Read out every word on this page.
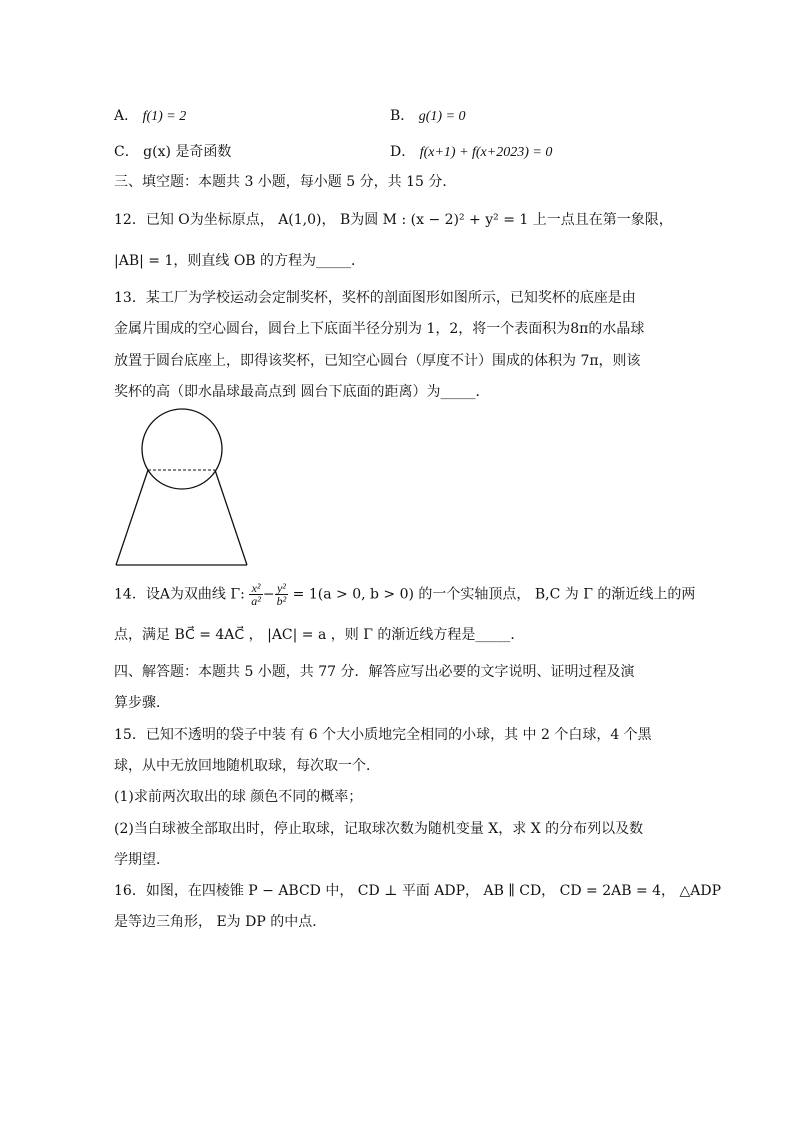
A． f(1) = 2	B． g(1) = 0
C． g(x) 是奇函数	D． f(x+1) + f(x+2023) = 0
三、填空题：本题共 3 小题，每小题 5 分，共 15 分．
12．已知 O为坐标原点， A(1,0)， B为圆 M : (x − 2)² + y² = 1 上一点且在第一象限，
|AB| = 1，则直线 OB 的方程为_____．
13．某工厂为学校运动会定制奖杯，奖杯的剖面图形如图所示，已知奖杯的底座是由
金属片围成的空心圆台，圆台上下底面半径分别为 1，2，将一个表面积为8π的水晶球
放置于圆台底座上，即得该奖杯，已知空心圆台（厚度不计）围成的体积为 7π，则该
奖杯的高（即水晶球最高点到 圆台下底面的距离）为_____．
14．设A为双曲线 Γ: $\frac{\text{x²}}{\text{a²}} - \frac{\text{y²}}{\text{b²}} = 1(a > 0$, b > 0) 的一个实轴顶点， B,C 为 Γ 的渐近线上的两
点，满足 BC⃗ = 4AC⃗ ， |AC| = a ，则 Γ 的渐近线方程是_____．
四、解答题：本题共 5 小题，共 77 分．解答应写出必要的文字说明、证明过程及演
算步骤．
15．已知不透明的袋子中装 有 6 个大小质地完全相同的小球，其 中 2 个白球，4 个黑
球，从中无放回地随机取球，每次取一个．
(1)求前两次取出的球 颜色不同的概率；
(2)当白球被全部取出时，停止取球，记取球次数为随机变量 X，求 X 的分布列以及数
学期望．
16．如图，在四棱锥 P − ABCD 中， CD ⊥ 平面 ADP， AB ∥ CD， CD = 2AB = 4， △ADP
是等边三角形， E为 DP 的中点．
